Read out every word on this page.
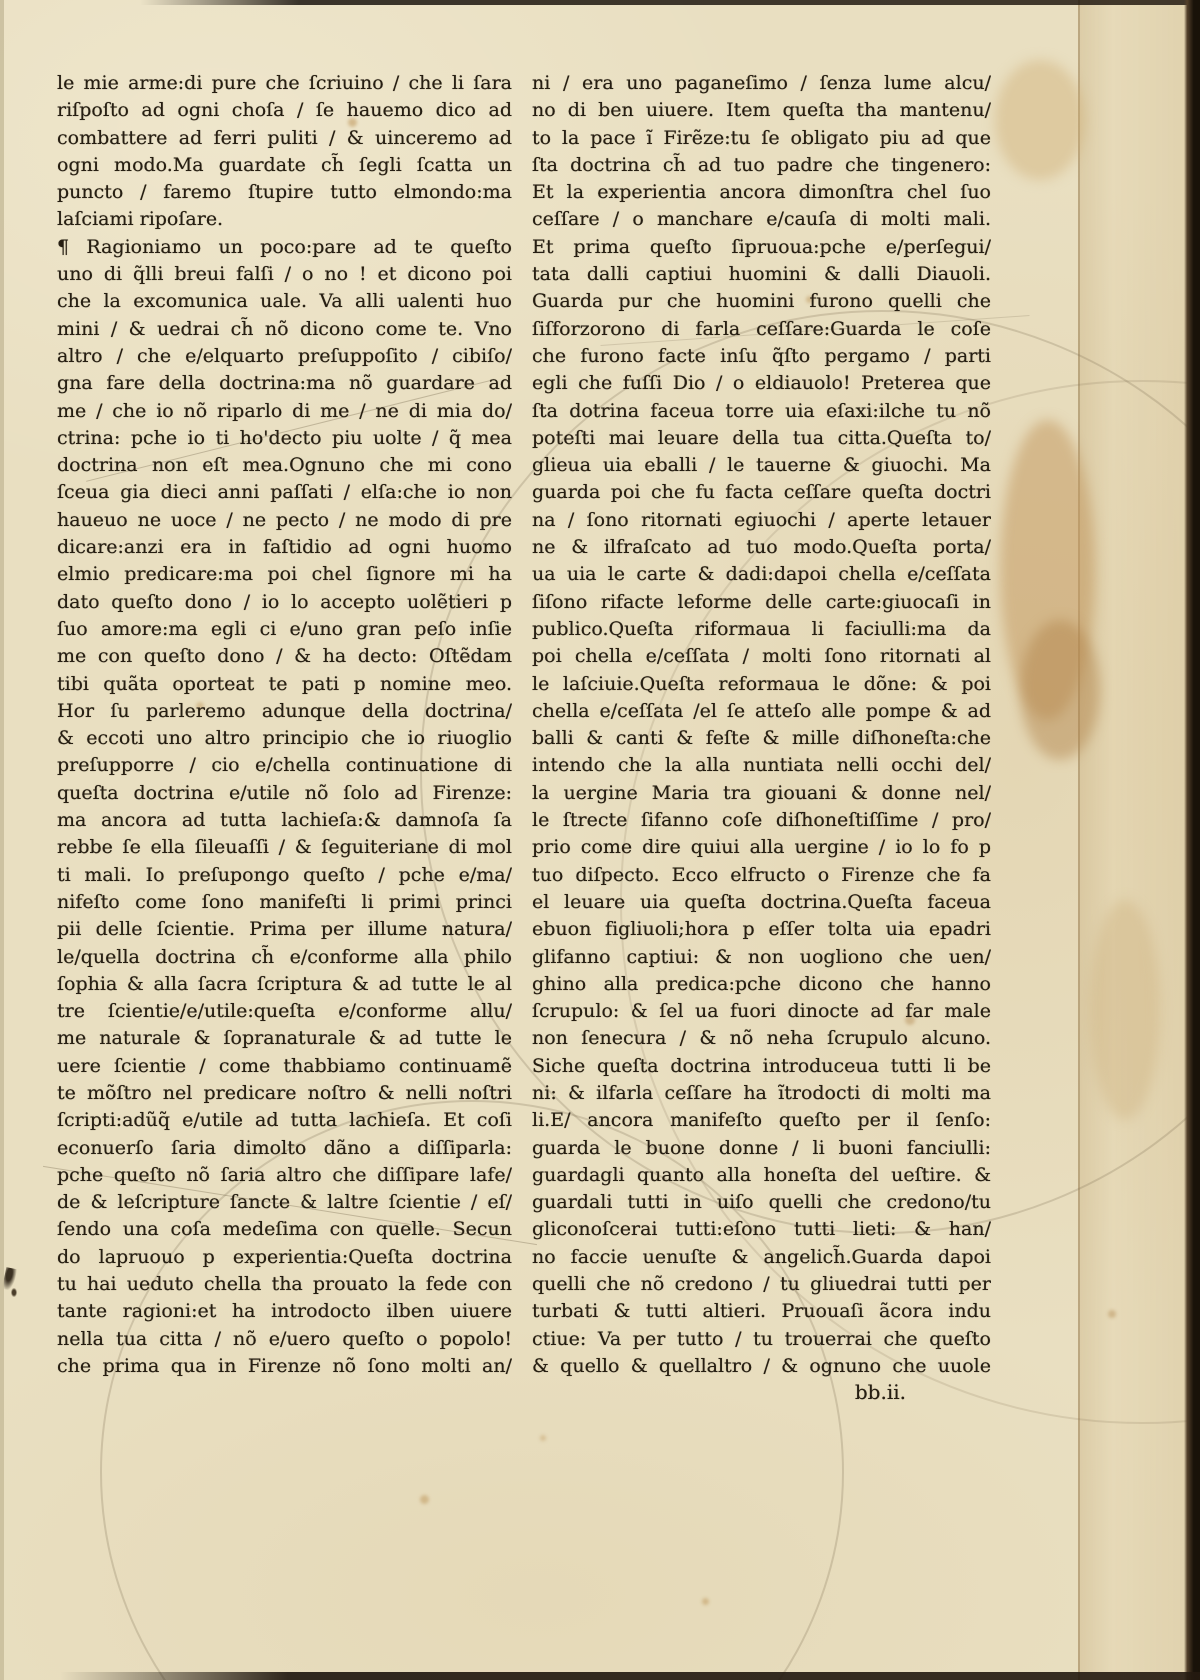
le mie arme:di pure che ſcriuino / che li ſara
riſpoſto ad ogni choſa / ſe hauemo dico ad
combattere ad ferri puliti / & uinceremo ad
ogni modo.Ma guardate ch̃ ſegli ſcatta un
puncto / faremo ſtupire tutto elmondo:ma
laſciami ripoſare.
¶ Ragioniamo un poco:pare ad te queſto
uno di q̃lli breui falſi / o no ! et dicono poi
che la excomunica uale. Va alli ualenti huo
mini / & uedrai ch̃ nõ dicono come te. Vno
altro / che e/elquarto preſuppoſito / cibiſo/
gna fare della doctrina:ma nõ guardare ad
me / che io nõ riparlo di me / ne di mia do/
ctrina: pche io ti ho'decto piu uolte / q̃ mea
doctrina non eſt mea.Ognuno che mi cono
ſceua gia dieci anni paſſati / elſa:che io non
haueuo ne uoce / ne pecto / ne modo di pre
dicare:anzi era in faſtidio ad ogni huomo
elmio predicare:ma poi chel ſignore mi ha
dato queſto dono / io lo accepto uolẽtieri p
ſuo amore:ma egli ci e/uno gran peſo inſie
me con queſto dono / & ha decto: Oſtẽdam
tibi quãta oporteat te pati p nomine meo.
Hor ſu parleremo adunque della doctrina/
& eccoti uno altro principio che io riuoglio
preſupporre / cio e/chella continuatione di
queſta doctrina e/utile nõ ſolo ad Firenze:
ma ancora ad tutta lachieſa:& damnoſa ſa
rebbe ſe ella ſileuaſſi / & ſeguiteriane di mol
ti mali. Io preſupongo queſto / pche e/ma/
nifeſto come ſono manifeſti li primi princi
pii delle ſcientie. Prima per illume natura/
le/quella doctrina ch̃ e/conforme alla philo
ſophia & alla ſacra ſcriptura & ad tutte le al
tre ſcientie/e/utile:queſta e/conforme allu/
me naturale & ſopranaturale & ad tutte le
uere ſcientie / come thabbiamo continuamẽ
te mõſtro nel predicare noſtro & nelli noſtri
ſcripti:adũq̃ e/utile ad tutta lachieſa. Et coſi
econuerſo ſaria dimolto dãno a diſſiparla:
pche queſto nõ ſaria altro che diſſipare lafe/
de & leſcripture ſancte & laltre ſcientie / eſ/
ſendo una coſa medeſima con quelle. Secun
do lapruouo p experientia:Queſta doctrina
tu hai ueduto chella tha prouato la fede con
tante ragioni:et ha introdocto ilben uiuere
nella tua citta / nõ e/uero queſto o popolo!
che prima qua in Firenze nõ ſono molti an/
ni / era uno paganeſimo / ſenza lume alcu/
no di ben uiuere. Item queſta tha mantenu/
to la pace ĩ Firẽze:tu ſe obligato piu ad que
ſta doctrina ch̃ ad tuo padre che tingenero:
Et la experientia ancora dimonſtra chel ſuo
ceſſare / o manchare e/cauſa di molti mali.
Et prima queſto ſipruoua:pche e/perſegui/
tata dalli captiui huomini & dalli Diauoli.
Guarda pur che huomini furono quelli che
ſiſforzorono di farla ceſſare:Guarda le coſe
che furono facte inſu q̃ſto pergamo / parti
egli che fuſſi Dio / o eldiauolo! Preterea que
ſta dotrina faceua torre uia eſaxi:ilche tu nõ
poteſti mai leuare della tua citta.Queſta to/
glieua uia eballi / le tauerne & giuochi. Ma
guarda poi che fu facta ceſſare queſta doctri
na / ſono ritornati egiuochi / aperte letauer
ne & ilfraſcato ad tuo modo.Queſta porta/
ua uia le carte & dadi:dapoi chella e/ceſſata
ſiſono rifacte leforme delle carte:giuocaſi in
publico.Queſta riformaua li faciulli:ma da
poi chella e/ceſſata / molti ſono ritornati al
le laſciuie.Queſta reformaua le dõne: & poi
chella e/ceſſata /el ſe atteſo alle pompe & ad
balli & canti & feſte & mille diſhoneſta:che
intendo che la alla nuntiata nelli occhi del/
la uergine Maria tra giouani & donne nel/
le ſtrecte ſifanno coſe diſhoneſtiſſime / pro/
prio come dire quiui alla uergine / io lo fo p
tuo diſpecto. Ecco elfructo o Firenze che fa
el leuare uia queſta doctrina.Queſta faceua
ebuon figliuoli;hora p eſſer tolta uia epadri
glifanno captiui: & non uogliono che uen/
ghino alla predica:pche dicono che hanno
ſcrupulo: & ſel ua fuori dinocte ad far male
non ſenecura / & nõ neha ſcrupulo alcuno.
Siche queſta doctrina introduceua tutti li be
ni: & ilfarla ceſſare ha ĩtrodocti di molti ma
li.E/ ancora manifeſto queſto per il ſenſo:
guarda le buone donne / li buoni fanciulli:
guardagli quanto alla honeſta del ueſtire. &
guardali tutti in uiſo quelli che credono/tu
gliconoſcerai tutti:eſono tutti lieti: & han/
no faccie uenuſte & angelich̃.Guarda dapoi
quelli che nõ credono / tu gliuedrai tutti per
turbati & tutti altieri. Pruouaſi ãcora indu
ctiue: Va per tutto / tu trouerrai che queſto
& quello & quellaltro / & ognuno che uuole
bb.ii.
